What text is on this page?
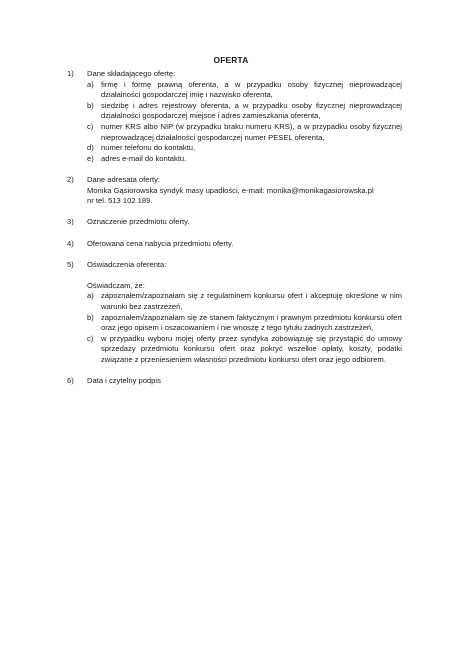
OFERTA
1)	Dane składającego ofertę:
a) firmę i formę prawną oferenta, a w przypadku osoby fizycznej nieprowadzącej działalności gospodarczej imię i nazwisko oferenta,
b) siedzibę i adres rejestrowy oferenta, a w przypadku osoby fizycznej nieprowadzącej działalności gospodarczej miejsce i adres zamieszkania oferenta,
c)	numer KRS albo NIP (w przypadku braku numeru KRS), a w przypadku osoby fizycznej nieprowadzącej działalności gospodarczej numer PESEL oferenta,
d) numer telefonu do kontaktu,
e) adres e-mail do kontaktu.
2)	Dane adresata oferty:
Monika Gąsiorowska syndyk masy upadłości, e-mail: monika@monikagasiorowska.pl
nr tel. 513 102 189.
3)	Oznaczenie przedmiotu oferty.
4)	Oferowana cena nabycia przedmiotu oferty.
5)	Oświadczenia oferenta:
Oświadczam, że:
a) zapoznałem/zapoznałam się z regulaminem konkursu ofert i akceptuję określone w nim warunki bez zastrzeżeń,
b) zapoznałem/zapoznałam się ze stanem faktycznym i prawnym przedmiotu konkursu ofert oraz jego opisem i oszacowaniem i nie wnoszę z tego tytułu żadnych zastrzeżeń,
c)	w przypadku wyboru mojej oferty przez syndyka zobowiązuję się przystąpić do umowy sprzedaży przedmiotu konkursu ofert oraz pokryć wszelkie opłaty, koszty, podatki związane z przeniesieniem własności przedmiotu konkursu ofert oraz jego odbiorem.
6)	Data i czytelny podpis
